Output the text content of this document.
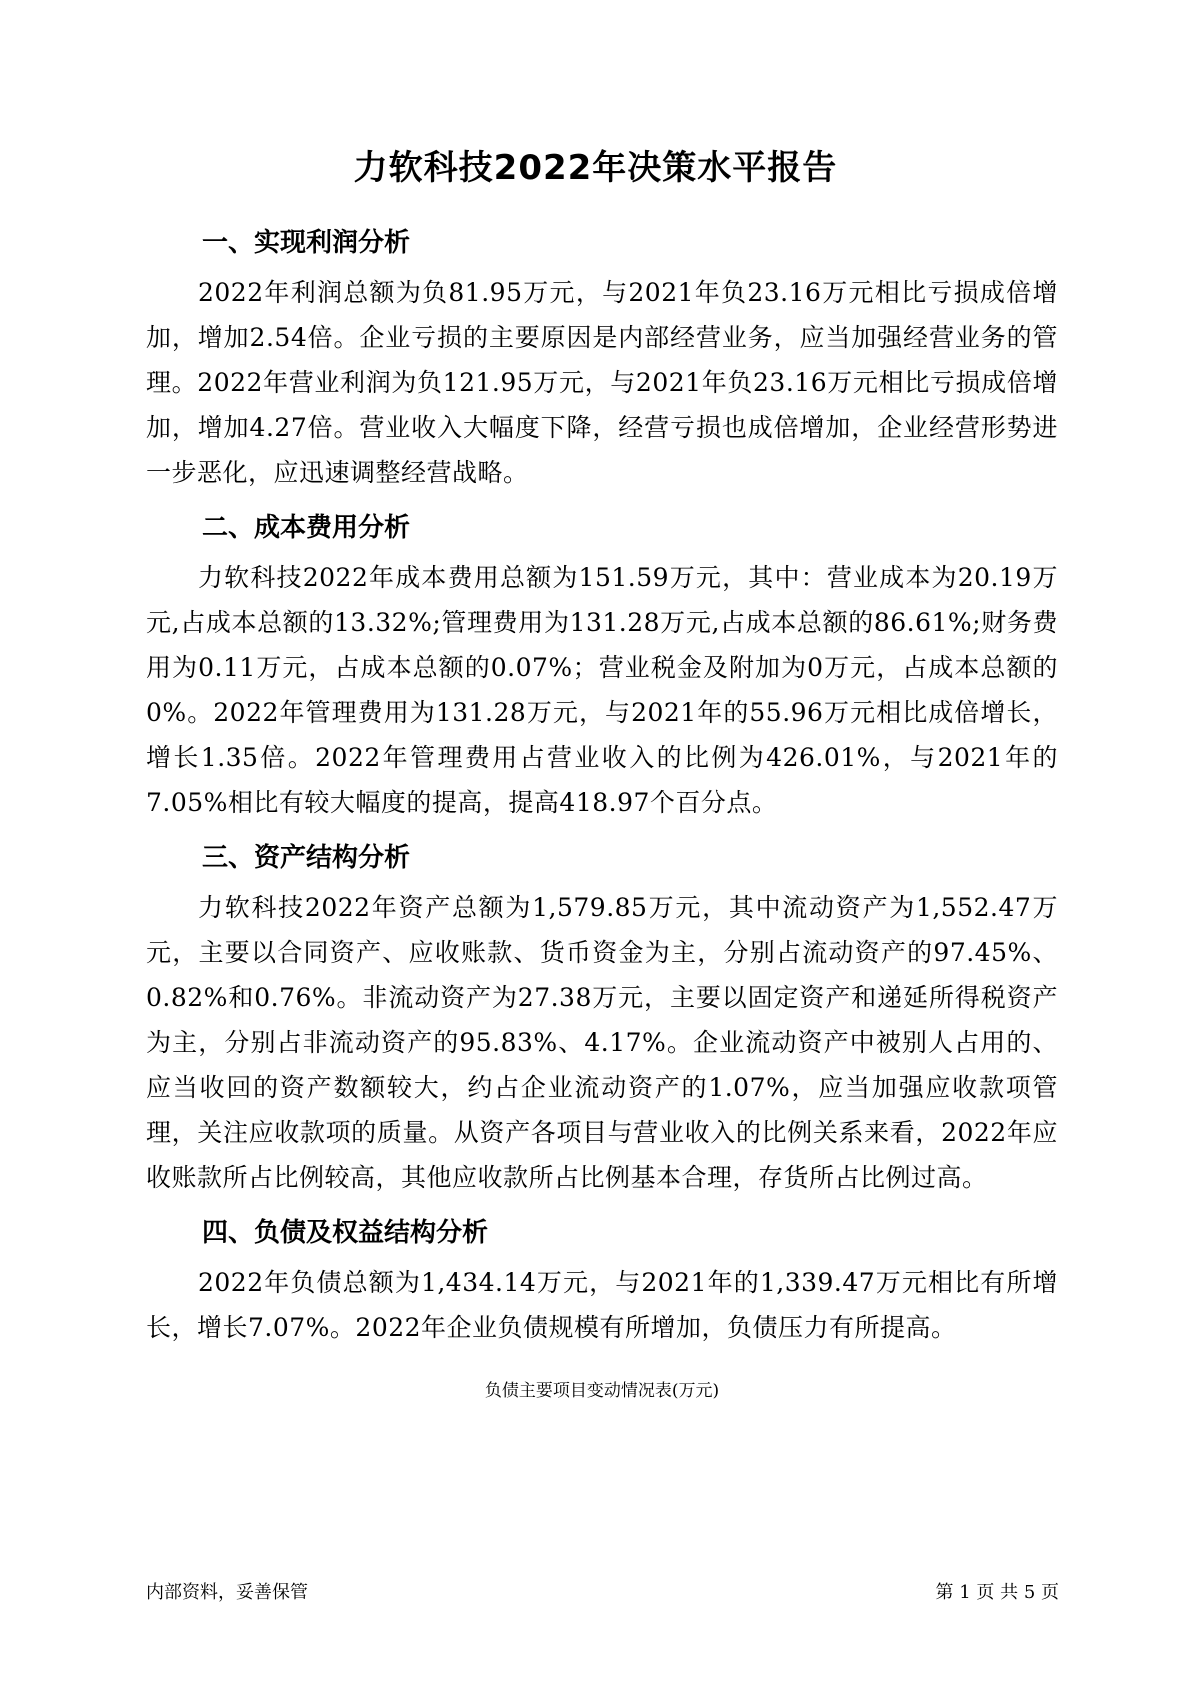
力软科技2022年决策水平报告
一、实现利润分析

2022年利润总额为负81.95万元，与2021年负23.16万元相比亏损成倍增加，增加2.54倍。企业亏损的主要原因是内部经营业务，应当加强经营业务的管理。2022年营业利润为负121.95万元，与2021年负23.16万元相比亏损成倍增加，增加4.27倍。营业收入大幅度下降，经营亏损也成倍增加，企业经营形势进一步恶化，应迅速调整经营战略。

二、成本费用分析

力软科技2022年成本费用总额为151.59万元，其中：营业成本为20.19万元,占成本总额的13.32%;管理费用为131.28万元,占成本总额的86.61%;财务费用为0.11万元，占成本总额的0.07%；营业税金及附加为0万元，占成本总额的0%。2022年管理费用为131.28万元，与2021年的55.96万元相比成倍增长，增长1.35倍。2022年管理费用占营业收入的比例为426.01%，与2021年的7.05%相比有较大幅度的提高，提高418.97个百分点。

三、资产结构分析

力软科技2022年资产总额为1,579.85万元，其中流动资产为1,552.47万元，主要以合同资产、应收账款、货币资金为主，分别占流动资产的97.45%、0.82%和0.76%。非流动资产为27.38万元，主要以固定资产和递延所得税资产为主，分别占非流动资产的95.83%、4.17%。企业流动资产中被别人占用的、应当收回的资产数额较大，约占企业流动资产的1.07%，应当加强应收款项管理，关注应收款项的质量。从资产各项目与营业收入的比例关系来看，2022年应收账款所占比例较高，其他应收款所占比例基本合理，存货所占比例过高。

四、负债及权益结构分析

2022年负债总额为1,434.14万元，与2021年的1,339.47万元相比有所增长，增长7.07%。2022年企业负债规模有所增加，负债压力有所提高。

负债主要项目变动情况表(万元)
内部资料，妥善保管	第 1 页 共 5 页
